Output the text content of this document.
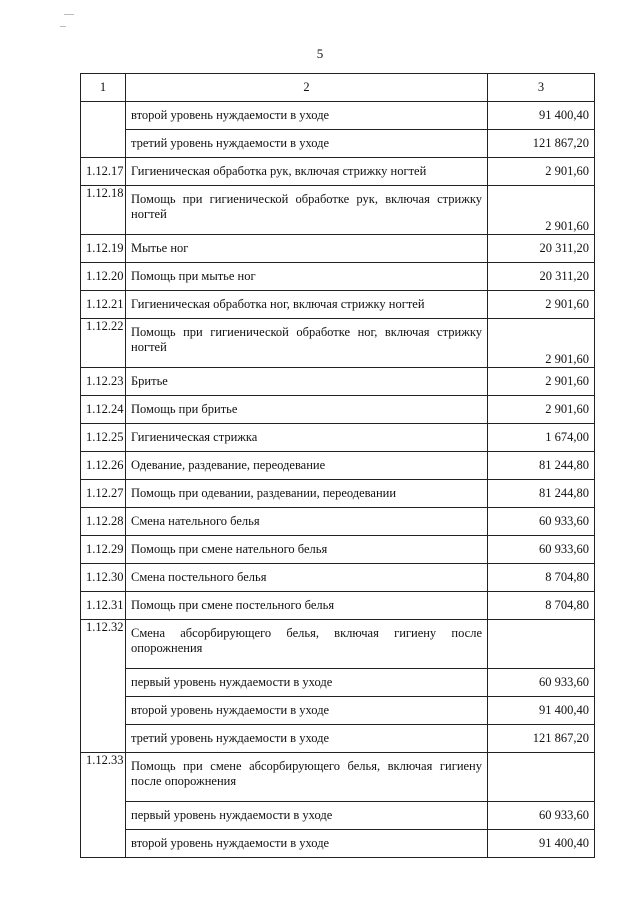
5
1	2	3
	второй уровень нуждаемости в уходе	91 400,40
	третий уровень нуждаемости в уходе	121 867,20
1.12.17	Гигиеническая обработка рук, включая стрижку ногтей	2 901,60
1.12.18	Помощь при гигиенической обработке рук, включая стрижку ногтей	2 901,60
1.12.19	Мытье ног	20 311,20
1.12.20	Помощь при мытье ног	20 311,20
1.12.21	Гигиеническая обработка ног, включая стрижку ногтей	2 901,60
1.12.22	Помощь при гигиенической обработке ног, включая стрижку ногтей	2 901,60
1.12.23	Бритье	2 901,60
1.12.24	Помощь при бритье	2 901,60
1.12.25	Гигиеническая стрижка	1 674,00
1.12.26	Одевание, раздевание, переодевание	81 244,80
1.12.27	Помощь при одевании, раздевании, переодевании	81 244,80
1.12.28	Смена нательного белья	60 933,60
1.12.29	Помощь при смене нательного белья	60 933,60
1.12.30	Смена постельного белья	8 704,80
1.12.31	Помощь при смене постельного белья	8 704,80
1.12.32	Смена абсорбирующего белья, включая гигиену после опорожнения	
	первый уровень нуждаемости в уходе	60 933,60
	второй уровень нуждаемости в уходе	91 400,40
	третий уровень нуждаемости в уходе	121 867,20
1.12.33	Помощь при смене абсорбирующего белья, включая гигиену после опорожнения	
	первый уровень нуждаемости в уходе	60 933,60
	второй уровень нуждаемости в уходе	91 400,40
